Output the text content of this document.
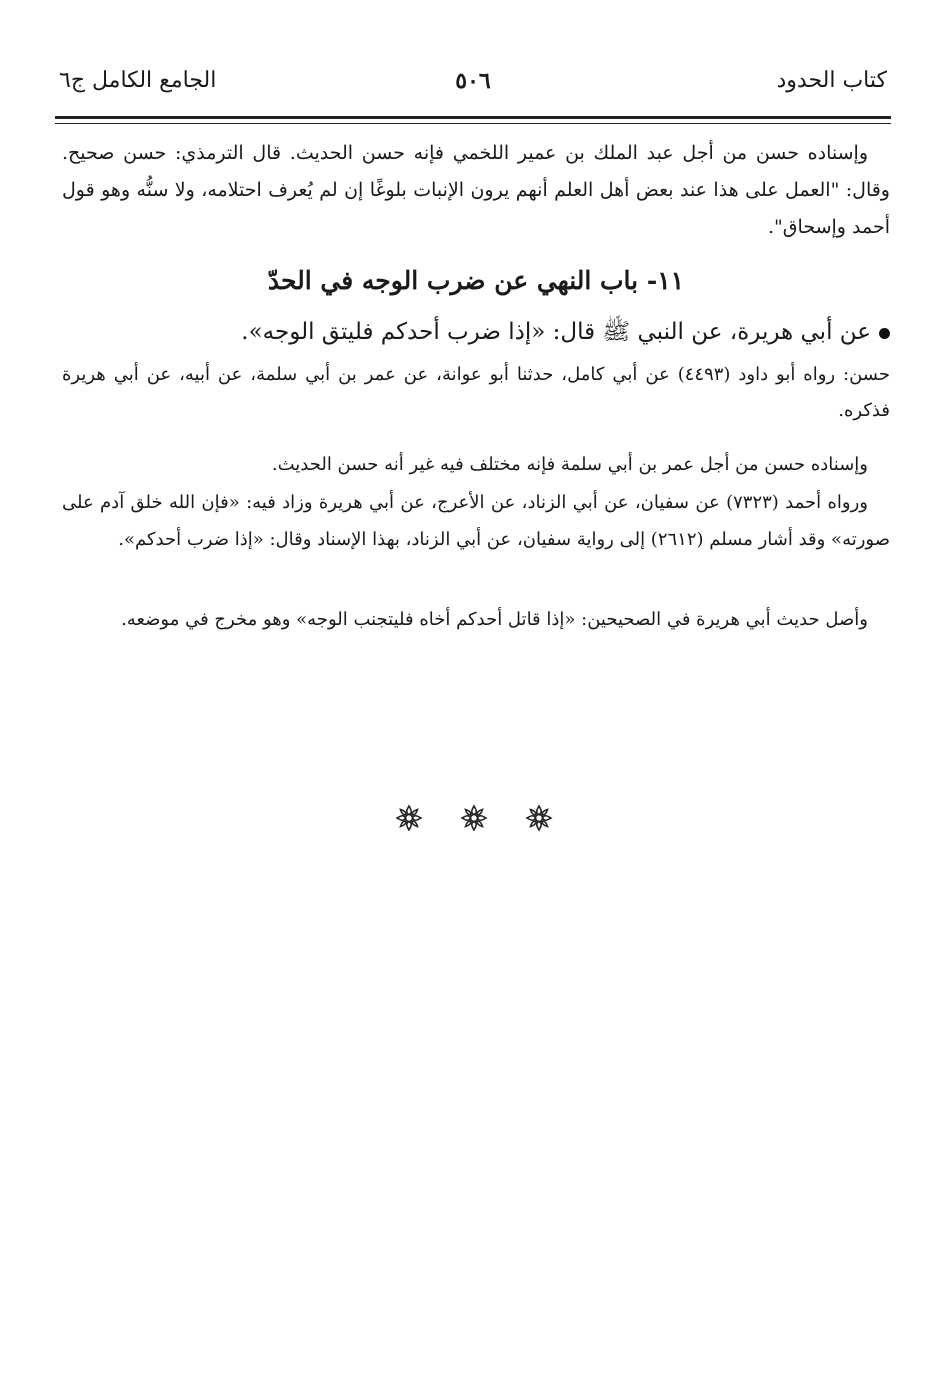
كتاب الحدود
٥٠٦
الجامع الكامل ج٦
وإسناده حسن من أجل عبد الملك بن عمير اللخمي فإنه حسن الحديث. قال الترمذي: حسن صحيح. وقال: "العمل على هذا عند بعض أهل العلم أنهم يرون الإنبات بلوغًا إن لم يُعرف احتلامه، ولا سنُّه وهو قول أحمد وإسحاق".
١١- باب النهي عن ضرب الوجه في الحدّ
عن أبي هريرة، عن النبي ﷺ قال: «إذا ضرب أحدكم فليتق الوجه».
حسن: رواه أبو داود (٤٤٩٣) عن أبي كامل، حدثنا أبو عوانة، عن عمر بن أبي سلمة، عن أبيه، عن أبي هريرة فذكره.
وإسناده حسن من أجل عمر بن أبي سلمة فإنه مختلف فيه غير أنه حسن الحديث.
ورواه أحمد (٧٣٢٣) عن سفيان، عن أبي الزناد، عن الأعرج، عن أبي هريرة وزاد فيه: «فإن الله خلق آدم على صورته» وقد أشار مسلم (٢٦١٢) إلى رواية سفيان، عن أبي الزناد، بهذا الإسناد وقال: «إذا ضرب أحدكم».
وأصل حديث أبي هريرة في الصحيحين: «إذا قاتل أحدكم أخاه فليتجنب الوجه» وهو مخرج في موضعه.
